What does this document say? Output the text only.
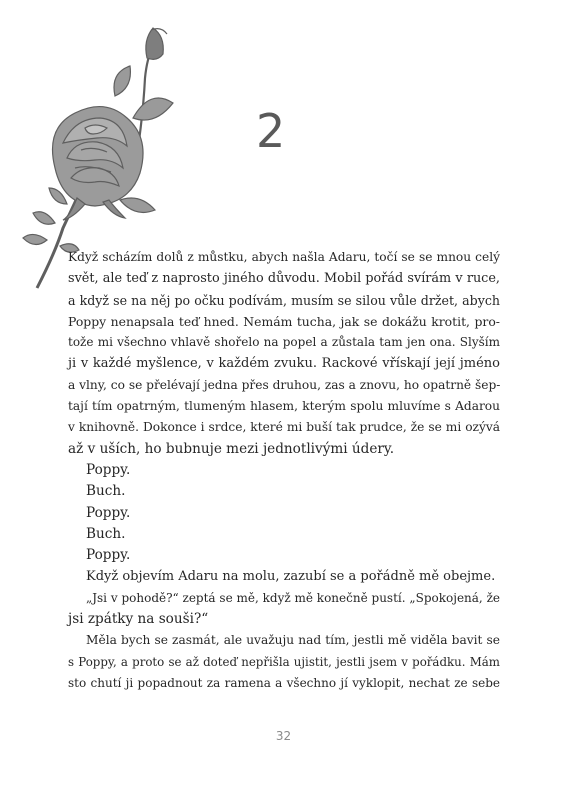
2
Když scházím dolů z můstku, abych našla Adaru, točí se se mnou celý
svět, ale teď z naprosto jiného důvodu. Mobil pořád svírám v ruce,
a když se na něj po očku podívám, musím se silou vůle držet, abych
Poppy nenapsala teď hned. Nemám tucha, jak se dokážu krotit, pro-
tože mi všechno vhlavě shořelo na popel a zůstala tam jen ona. Slyším
ji v každé myšlence, v každém zvuku. Rackové vřískají její jméno
a vlny, co se přelévají jedna přes druhou, zas a znovu, ho opatrně šep-
tají tím opatrným, tlumeným hlasem, kterým spolu mluvíme s Adarou
v knihovně. Dokonce i srdce, které mi buší tak prudce, že se mi ozývá
až v uších, ho bubnuje mezi jednotlivými údery.
Poppy.
Buch.
Poppy.
Buch.
Poppy.
Když objevím Adaru na molu, zazubí se a pořádně mě obejme.
„Jsi v pohodě?“ zeptá se mě, když mě konečně pustí. „Spokojená, že
jsi zpátky na souši?“
Měla bych se zasmát, ale uvažuju nad tím, jestli mě viděla bavit se
s Poppy, a proto se až doteď nepřišla ujistit, jestli jsem v pořádku. Mám
sto chutí ji popadnout za ramena a všechno jí vyklopit, nechat ze sebe
32
